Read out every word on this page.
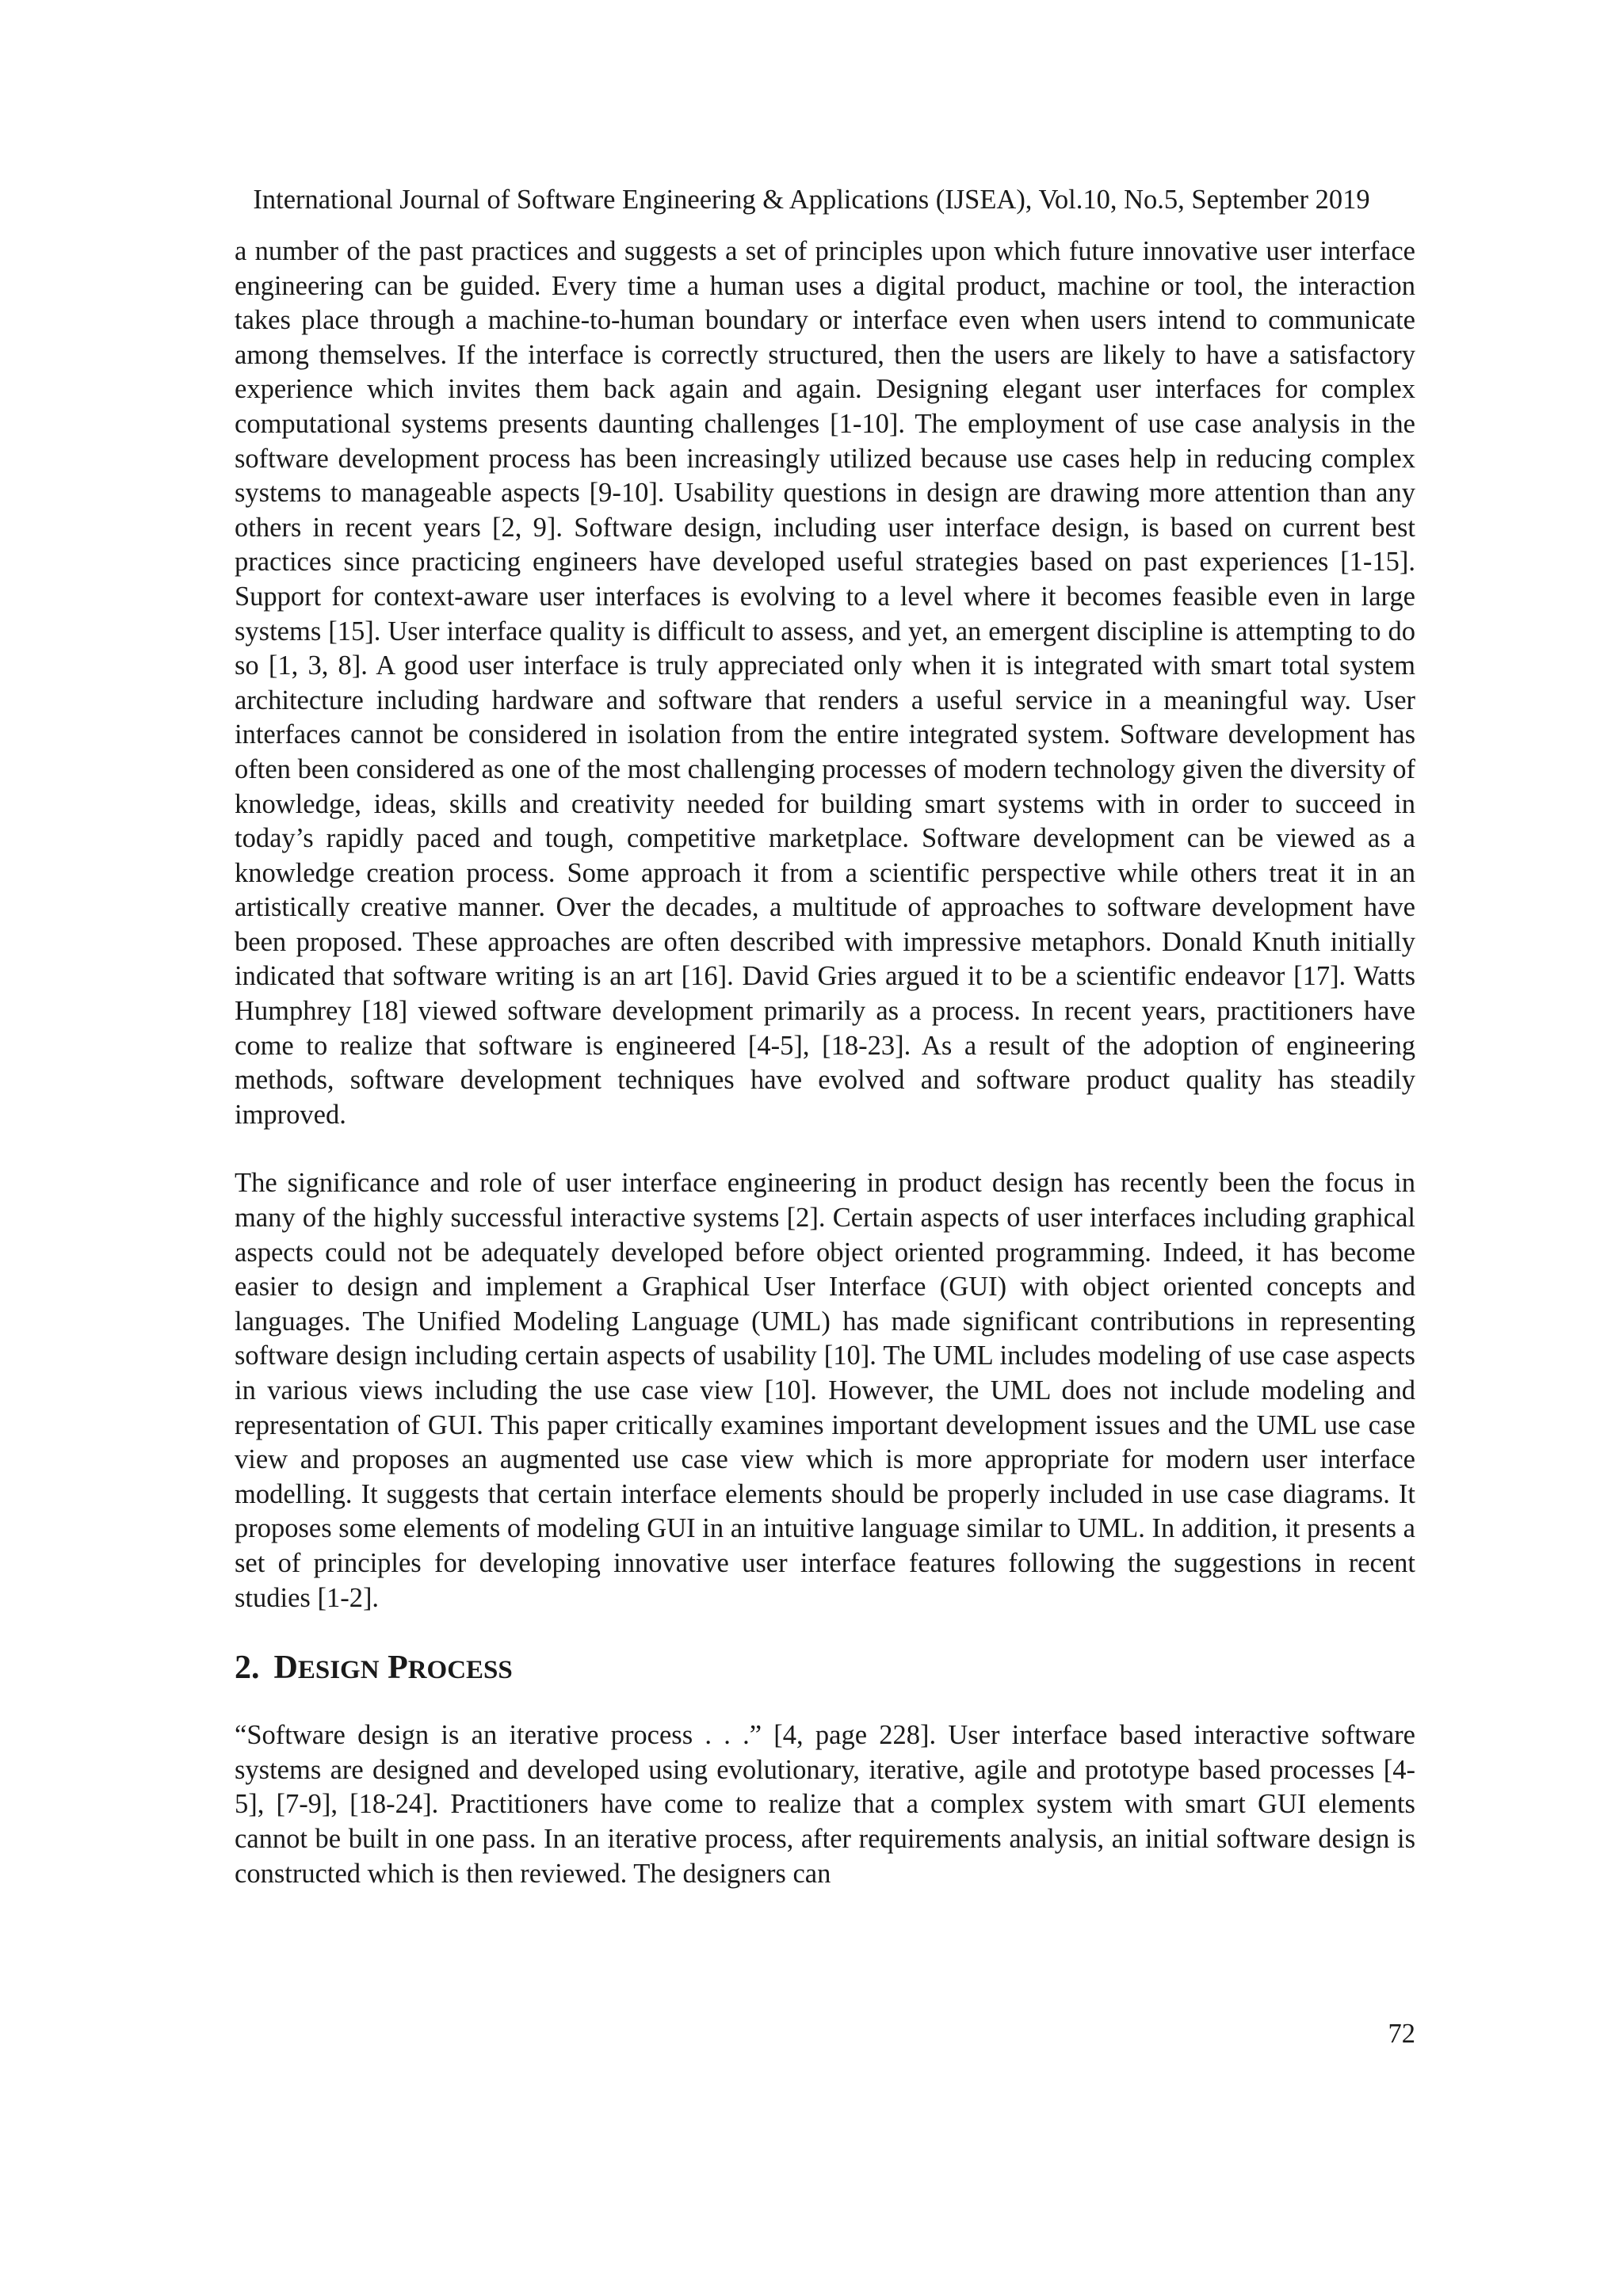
International Journal of Software Engineering & Applications (IJSEA), Vol.10, No.5, September 2019

a number of the past practices and suggests a set of principles upon which future innovative user interface engineering can be guided. Every time a human uses a digital product, machine or tool, the interaction takes place through a machine-to-human boundary or interface even when users intend to communicate among themselves. If the interface is correctly structured, then the users are likely to have a satisfactory experience which invites them back again and again. Designing elegant user interfaces for complex computational systems presents daunting challenges [1-10]. The employment of use case analysis in the software development process has been increasingly utilized because use cases help in reducing complex systems to manageable aspects [9-10]. Usability questions in design are drawing more attention than any others in recent years [2, 9]. Software design, including user interface design, is based on current best practices since practicing engineers have developed useful strategies based on past experiences [1-15]. Support for context-aware user interfaces is evolving to a level where it becomes feasible even in large systems [15]. User interface quality is difficult to assess, and yet, an emergent discipline is attempting to do so [1, 3, 8]. A good user interface is truly appreciated only when it is integrated with smart total system architecture including hardware and software that renders a useful service in a meaningful way. User interfaces cannot be considered in isolation from the entire integrated system. Software development has often been considered as one of the most challenging processes of modern technology given the diversity of knowledge, ideas, skills and creativity needed for building smart systems with in order to succeed in today’s rapidly paced and tough, competitive marketplace. Software development can be viewed as a knowledge creation process. Some approach it from a scientific perspective while others treat it in an artistically creative manner. Over the decades, a multitude of approaches to software development have been proposed. These approaches are often described with impressive metaphors. Donald Knuth initially indicated that software writing is an art [16]. David Gries argued it to be a scientific endeavor [17]. Watts Humphrey [18] viewed software development primarily as a process. In recent years, practitioners have come to realize that software is engineered [4-5], [18-23]. As a result of the adoption of engineering methods, software development techniques have evolved and software product quality has steadily improved.

The significance and role of user interface engineering in product design has recently been the focus in many of the highly successful interactive systems [2]. Certain aspects of user interfaces including graphical aspects could not be adequately developed before object oriented programming. Indeed, it has become easier to design and implement a Graphical User Interface (GUI) with object oriented concepts and languages. The Unified Modeling Language (UML) has made significant contributions in representing software design including certain aspects of usability [10]. The UML includes modeling of use case aspects in various views including the use case view [10]. However, the UML does not include modeling and representation of GUI. This paper critically examines important development issues and the UML use case view and proposes an augmented use case view which is more appropriate for modern user interface modelling. It suggests that certain interface elements should be properly included in use case diagrams. It proposes some elements of modeling GUI in an intuitive language similar to UML. In addition, it presents a set of principles for developing innovative user interface features following the suggestions in recent studies [1-2].

2. DESIGN PROCESS

“Software design is an iterative process . . .” [4, page 228]. User interface based interactive software systems are designed and developed using evolutionary, iterative, agile and prototype based processes [4-5], [7-9], [18-24]. Practitioners have come to realize that a complex system with smart GUI elements cannot be built in one pass. In an iterative process, after requirements analysis, an initial software design is constructed which is then reviewed. The designers can

72
